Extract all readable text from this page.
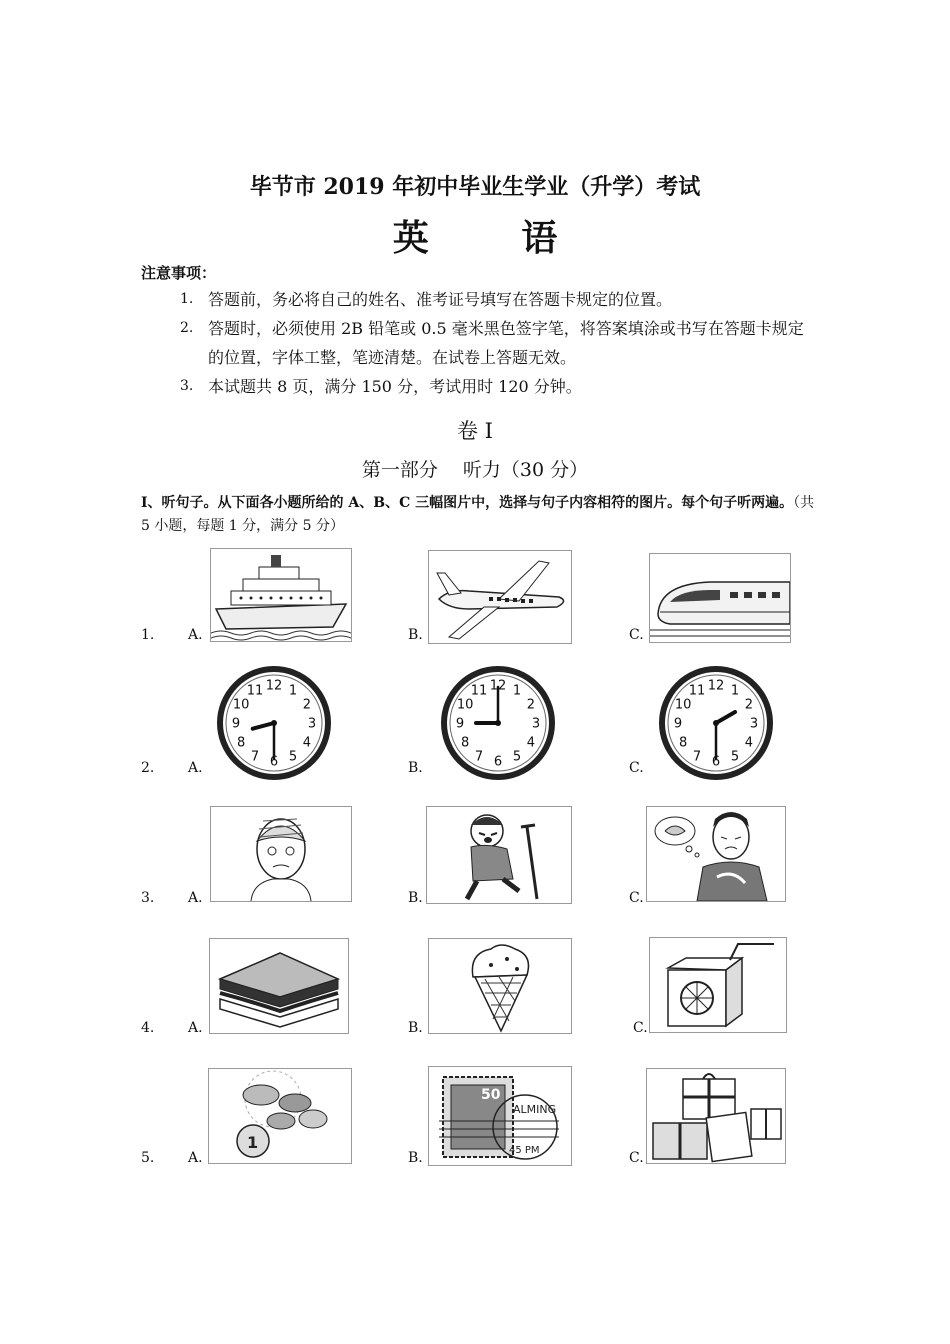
毕节市 2019 年初中毕业生学业（升学）考试
英 语
注意事项：
1. 答题前，务必将自己的姓名、准考证号填写在答题卡规定的位置。
2. 答题时，必须使用 2B 铅笔或 0.5 毫米黑色签字笔，将答案填涂或书写在答题卡规定的位置，字体工整，笔迹清楚。在试卷上答题无效。
3. 本试题共 8 页，满分 150 分，考试用时 120 分钟。
卷 Ⅰ
第一部分　 听力（30 分）
Ⅰ、听句子。从下面各小题所给的 A、B、C 三幅图片中，选择与句子内容相符的图片。每个句子听两遍。（共 5 小题，每题 1 分，满分 5 分）
1. A.	B.	C.
2. A.
12 1
2
3
4
5
6
7
8
9
10
11
B.
12 1
2
3
4
5
6
7
8
9
10
11
C.
12 1
2
3
4
5
6
7
8
9
10
11
3. A.	B.	C.
4. A.	B.	C.
5. A.
1
B.
50
ALMING
45 PM	C.
